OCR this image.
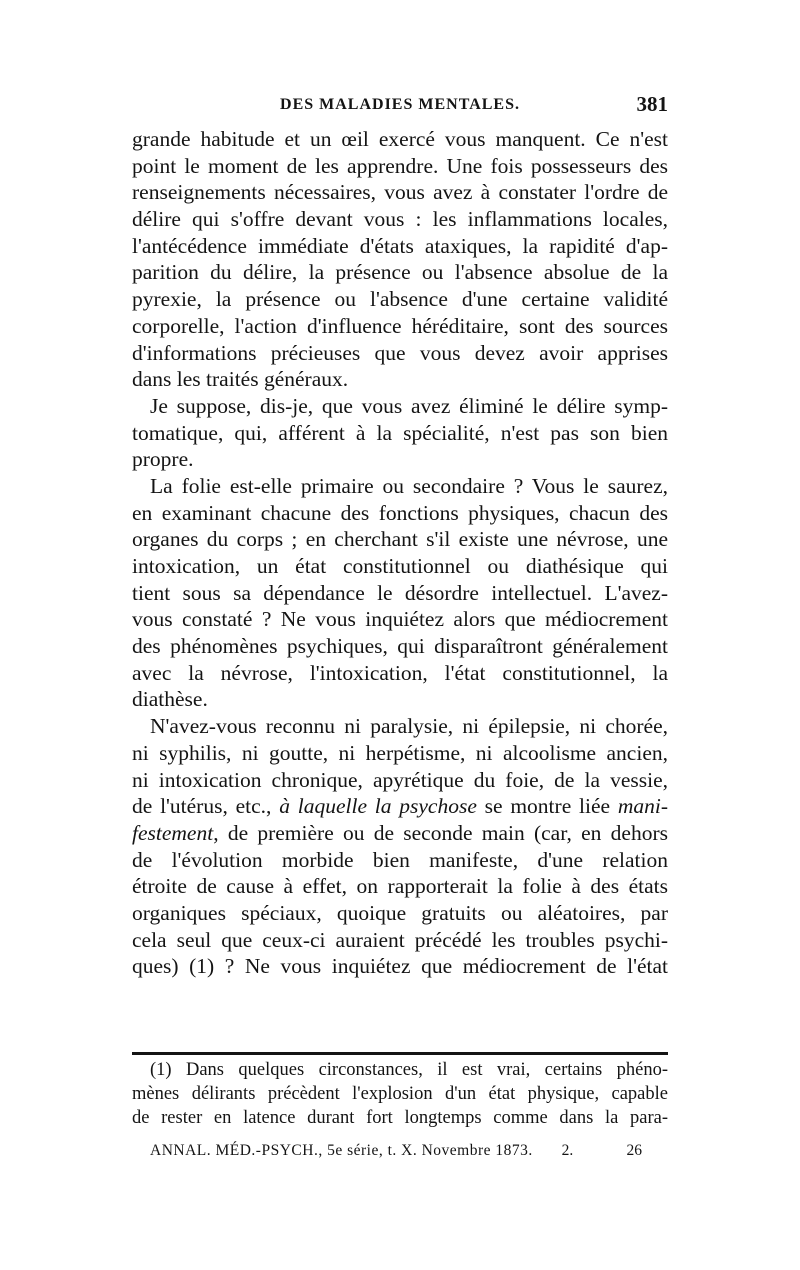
DES MALADIES MENTALES.	381
grande habitude et un œil exercé vous manquent. Ce n'est
point le moment de les apprendre. Une fois possesseurs des
renseignements nécessaires, vous avez à constater l'ordre de
délire qui s'offre devant vous : les inflammations locales,
l'antécédence immédiate d'états ataxiques, la rapidité d'ap-
parition du délire, la présence ou l'absence absolue de la
pyrexie, la présence ou l'absence d'une certaine validité
corporelle, l'action d'influence héréditaire, sont des sources
d'informations précieuses que vous devez avoir apprises
dans les traités généraux.
Je suppose, dis-je, que vous avez éliminé le délire symp-
tomatique, qui, afférent à la spécialité, n'est pas son bien
propre.
La folie est-elle primaire ou secondaire ? Vous le saurez,
en examinant chacune des fonctions physiques, chacun des
organes du corps ; en cherchant s'il existe une névrose, une
intoxication, un état constitutionnel ou diathésique qui
tient sous sa dépendance le désordre intellectuel. L'avez-
vous constaté ? Ne vous inquiétez alors que médiocrement
des phénomènes psychiques, qui disparaîtront généralement
avec la névrose, l'intoxication, l'état constitutionnel, la
diathèse.
N'avez-vous reconnu ni paralysie, ni épilepsie, ni chorée,
ni syphilis, ni goutte, ni herpétisme, ni alcoolisme ancien,
ni intoxication chronique, apyrétique du foie, de la vessie,
de l'utérus, etc., à laquelle la psychose se montre liée mani-
festement, de première ou de seconde main (car, en dehors
de l'évolution morbide bien manifeste, d'une relation
étroite de cause à effet, on rapporterait la folie à des états
organiques spéciaux, quoique gratuits ou aléatoires, par
cela seul que ceux-ci auraient précédé les troubles psychi-
ques) (1) ? Ne vous inquiétez que médiocrement de l'état
(1) Dans quelques circonstances, il est vrai, certains phéno-
mènes délirants précèdent l'explosion d'un état physique, capable
de rester en latence durant fort longtemps comme dans la para-
ANNAL. MÉD.-PSYCH., 5e série, t. X. Novembre 1873.	2.	26
